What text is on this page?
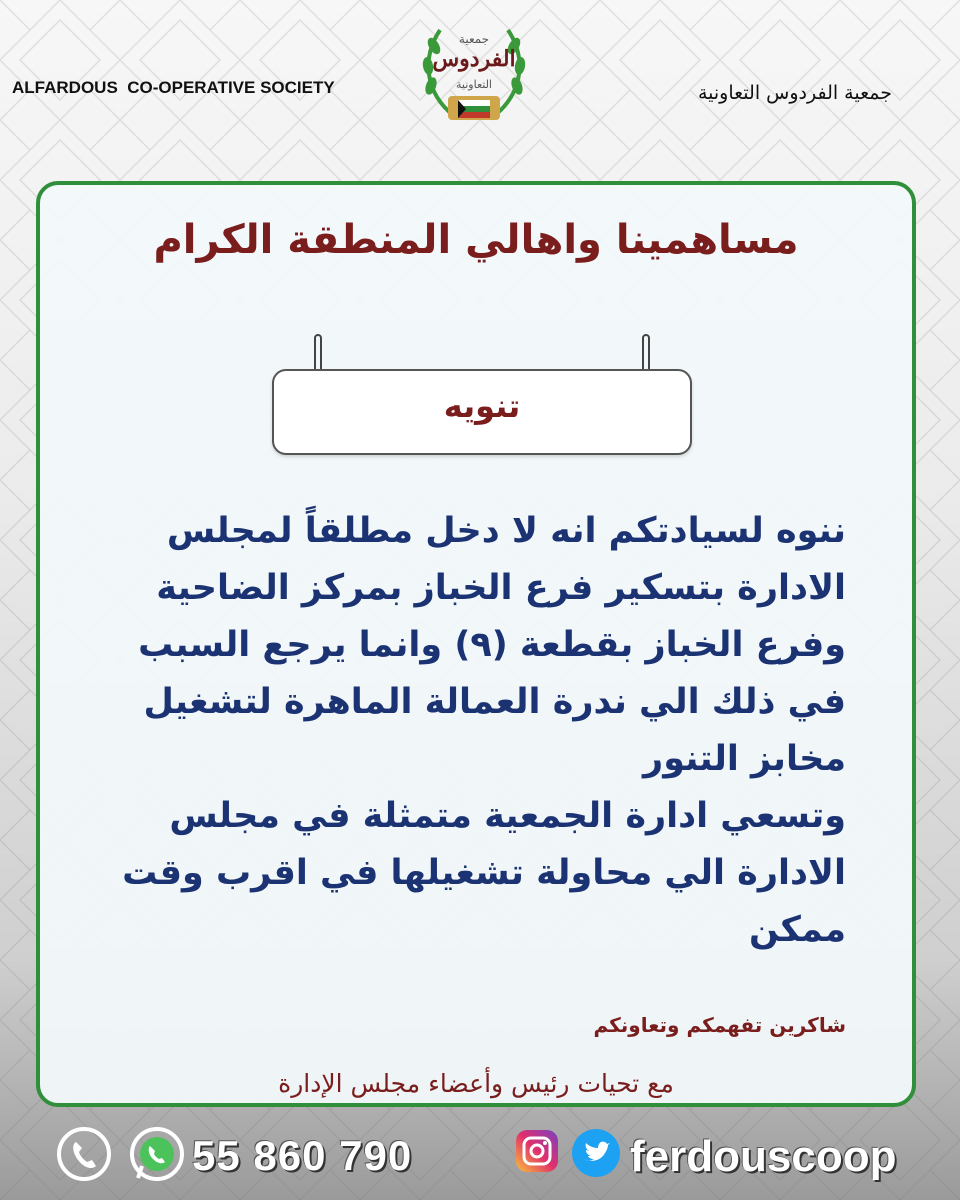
ALFARDOUS  CO-OPERATIVE SOCIETY	جمعية الفردوس التعاونية
جمعية
الفردوس
التعاونية
مساهمينا واهالي المنطقة الكرام
تنويه
ننوه لسيادتكم انه لا دخل مطلقاً لمجلس
الادارة بتسكير فرع الخباز بمركز الضاحية
وفرع الخباز بقطعة (٩) وانما يرجع السبب
في ذلك الي ندرة العمالة الماهرة لتشغيل
مخابز التنور
وتسعي ادارة الجمعية متمثلة في مجلس
الادارة الي محاولة تشغيلها في اقرب وقت
ممكن
شاكرين تفهمكم وتعاونكم
مع تحيات رئيس وأعضاء مجلس الإدارة
55 860 790	ferdouscoop
